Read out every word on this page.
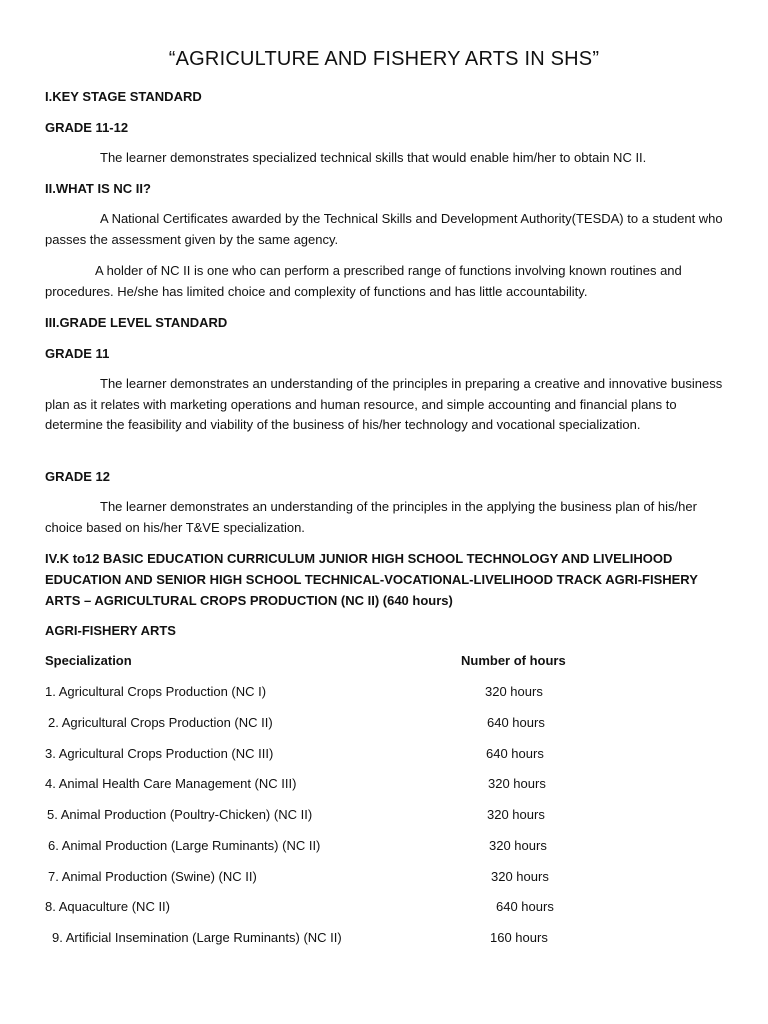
“AGRICULTURE AND FISHERY ARTS IN SHS”
I.KEY STAGE STANDARD
GRADE 11-12
The learner demonstrates specialized technical skills that would enable him/her to obtain NC II.
II.WHAT IS NC II?
A National Certificates awarded by the Technical Skills and Development Authority(TESDA) to a student who passes the assessment given by the same agency.
A holder of NC II is one who can perform a prescribed range of functions involving known routines and procedures. He/she has limited choice and complexity of functions and has little accountability.
III.GRADE LEVEL STANDARD
GRADE 11
The learner demonstrates an understanding of the principles in preparing a creative and innovative business plan as it relates with marketing operations and human resource, and simple accounting and financial plans to determine the feasibility and viability of the business of his/her technology and vocational specialization.
GRADE 12
The learner demonstrates an understanding of the principles in the applying the business plan of his/her choice based on his/her T&VE specialization.
IV.K to12 BASIC EDUCATION CURRICULUM JUNIOR HIGH SCHOOL TECHNOLOGY AND LIVELIHOOD EDUCATION AND SENIOR HIGH SCHOOL TECHNICAL-VOCATIONAL-LIVELIHOOD TRACK AGRI-FISHERY ARTS – AGRICULTURAL CROPS PRODUCTION (NC II) (640 hours)
AGRI-FISHERY ARTS
Specialization	Number of hours
1. Agricultural Crops Production (NC I)	320 hours
2. Agricultural Crops Production (NC II)	640 hours
3. Agricultural Crops Production (NC III)	640 hours
4. Animal Health Care Management (NC III)	320 hours
5. Animal Production (Poultry-Chicken) (NC II)	320 hours
6. Animal Production (Large Ruminants) (NC II)	320 hours
7. Animal Production (Swine) (NC II)	320 hours
8. Aquaculture (NC II)	640 hours
9. Artificial Insemination (Large Ruminants) (NC II)	160 hours
